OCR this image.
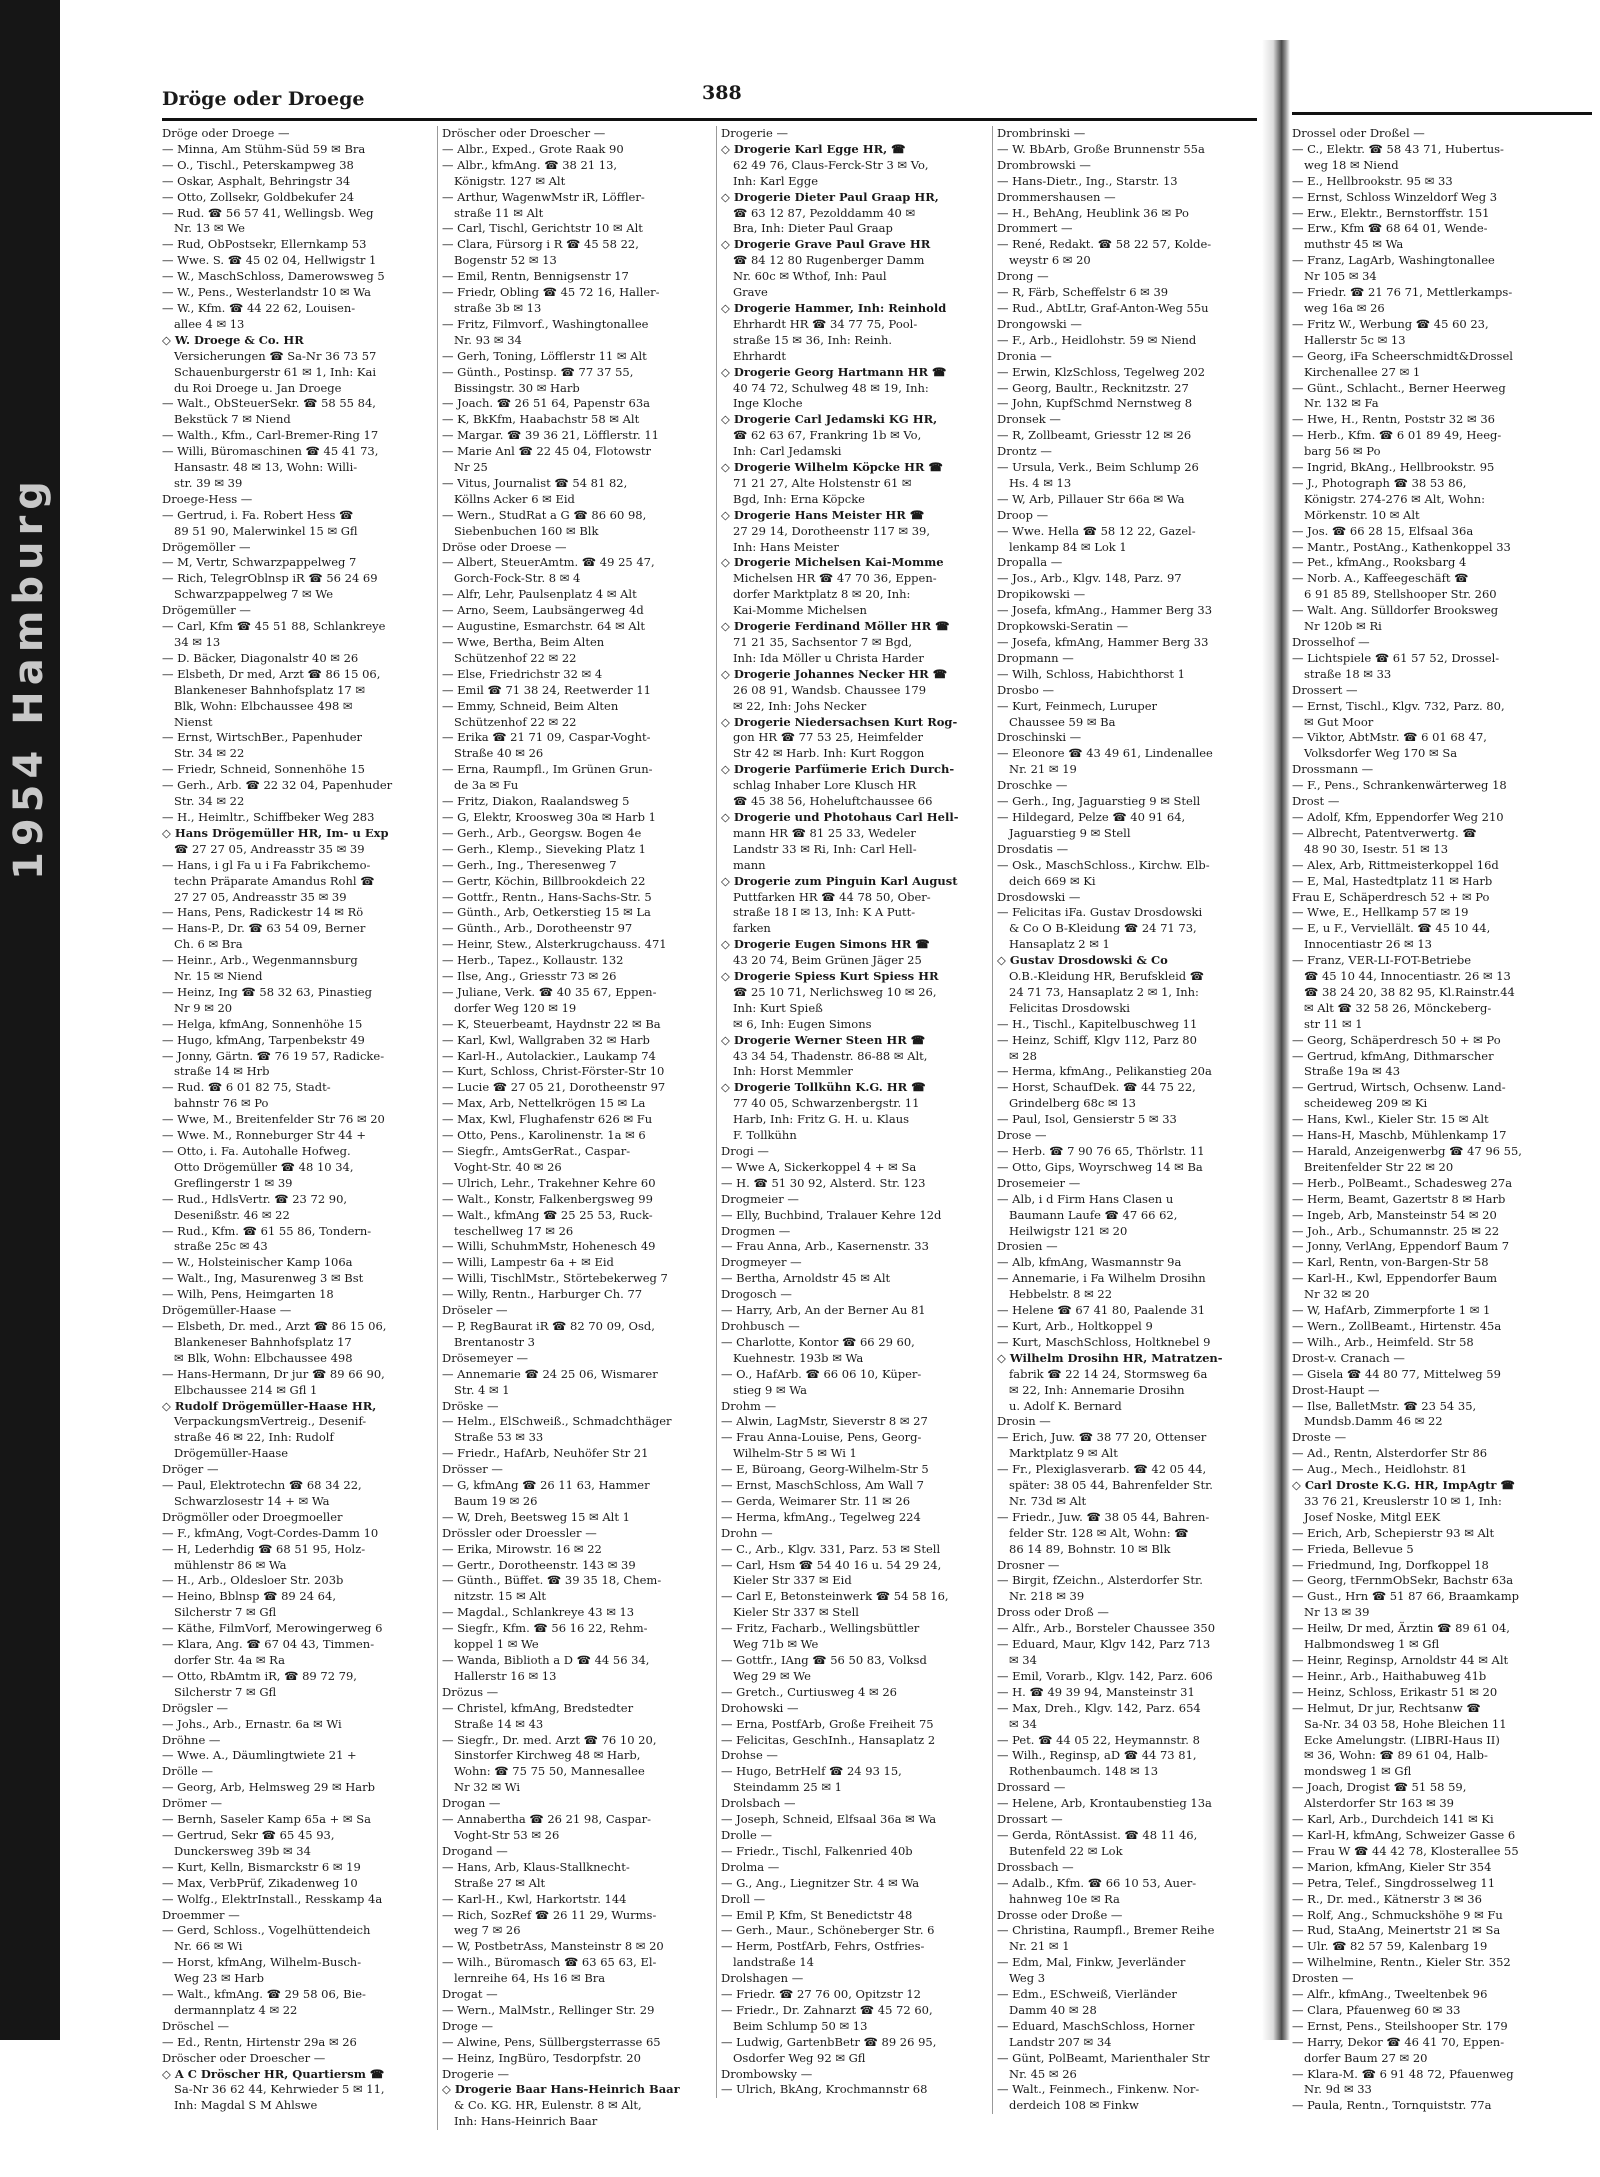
1954 Hamburg
Dröge oder Droege	388
Dröge oder Droege —
— Minna, Am Stühm-Süd 59 ✉ Bra
— O., Tischl., Peterskampweg 38
— Oskar, Asphalt, Behringstr 34
— Otto, Zollsekr, Goldbekufer 24
— Rud. ☎ 56 57 41, Wellingsb. Weg
Nr. 13 ✉ We
— Rud, ObPostsekr, Ellernkamp 53
— Wwe. S. ☎ 45 02 04, Hellwigstr 1
— W., MaschSchloss, Damerowsweg 5
— W., Pens., Westerlandstr 10 ✉ Wa
— W., Kfm. ☎ 44 22 62, Louisen-
allee 4 ✉ 13
◇ W. Droege & Co. HR
Versicherungen ☎ Sa-Nr 36 73 57
Schauenburgerstr 61 ✉ 1, Inh: Kai
du Roi Droege u. Jan Droege
— Walt., ObSteuerSekr. ☎ 58 55 84,
Bekstück 7 ✉ Niend
— Walth., Kfm., Carl-Bremer-Ring 17
— Willi, Büromaschinen ☎ 45 41 73,
Hansastr. 48 ✉ 13, Wohn: Willi-
str. 39 ✉ 39
Droege-Hess —
— Gertrud, i. Fa. Robert Hess ☎
89 51 90, Malerwinkel 15 ✉ Gfl
Drögemöller —
— M, Vertr, Schwarzpappelweg 7
— Rich, TelegrOblnsp iR ☎ 56 24 69
Schwarzpappelweg 7 ✉ We
Drögemüller —
— Carl, Kfm ☎ 45 51 88, Schlankreye
34 ✉ 13
— D. Bäcker, Diagonalstr 40 ✉ 26
— Elsbeth, Dr med, Arzt ☎ 86 15 06,
Blankeneser Bahnhofsplatz 17 ✉
Blk, Wohn: Elbchaussee 498 ✉
Nienst
— Ernst, WirtschBer., Papenhuder
Str. 34 ✉ 22
— Friedr, Schneid, Sonnenhöhe 15
— Gerh., Arb. ☎ 22 32 04, Papenhuder
Str. 34 ✉ 22
— H., Heimltr., Schiffbeker Weg 283
◇ Hans Drögemüller HR, Im- u Exp
☎ 27 27 05, Andreasstr 35 ✉ 39
— Hans, i gl Fa u i Fa Fabrikchemo-
techn Präparate Amandus Rohl ☎
27 27 05, Andreasstr 35 ✉ 39
— Hans, Pens, Radickestr 14 ✉ Rö
— Hans-P., Dr. ☎ 63 54 09, Berner
Ch. 6 ✉ Bra
— Heinr., Arb., Wegenmannsburg
Nr. 15 ✉ Niend
— Heinz, Ing ☎ 58 32 63, Pinastieg
Nr 9 ✉ 20
— Helga, kfmAng, Sonnenhöhe 15
— Hugo, kfmAng, Tarpenbekstr 49
— Jonny, Gärtn. ☎ 76 19 57, Radicke-
straße 14 ✉ Hrb
— Rud. ☎ 6 01 82 75, Stadt-
bahnstr 76 ✉ Po
— Wwe, M., Breitenfelder Str 76 ✉ 20
— Wwe. M., Ronneburger Str 44 +
— Otto, i. Fa. Autohalle Hofweg.
Otto Drögemüller ☎ 48 10 34,
Greflingerstr 1 ✉ 39
— Rud., HdlsVertr. ☎ 23 72 90,
Desenißstr. 46 ✉ 22
— Rud., Kfm. ☎ 61 55 86, Tondern-
straße 25c ✉ 43
— W., Holsteinischer Kamp 106a
— Walt., Ing, Masurenweg 3 ✉ Bst
— Wilh, Pens, Heimgarten 18
Drögemüller-Haase —
— Elsbeth, Dr. med., Arzt ☎ 86 15 06,
Blankeneser Bahnhofsplatz 17
✉ Blk, Wohn: Elbchaussee 498
— Hans-Hermann, Dr jur ☎ 89 66 90,
Elbchaussee 214 ✉ Gfl 1
◇ Rudolf Drögemüller-Haase HR,
VerpackungsmVertreig., Desenif-
straße 46 ✉ 22, Inh: Rudolf
Drögemüller-Haase
Dröger —
— Paul, Elektrotechn ☎ 68 34 22,
Schwarzlosestr 14 + ✉ Wa
Drögmöller oder Droegmoeller
— F., kfmAng, Vogt-Cordes-Damm 10
— H, Lederhdig ☎ 68 51 95, Holz-
mühlenstr 86 ✉ Wa
— H., Arb., Oldesloer Str. 203b
— Heino, Bblnsp ☎ 89 24 64,
Silcherstr 7 ✉ Gfl
— Käthe, FilmVorf, Merowingerweg 6
— Klara, Ang. ☎ 67 04 43, Timmen-
dorfer Str. 4a ✉ Ra
— Otto, RbAmtm iR, ☎ 89 72 79,
Silcherstr 7 ✉ Gfl
Drögsler —
— Johs., Arb., Ernastr. 6a ✉ Wi
Dröhne —
— Wwe. A., Däumlingtwiete 21 +
Drölle —
— Georg, Arb, Helmsweg 29 ✉ Harb
Drömer —
— Bernh, Saseler Kamp 65a + ✉ Sa
— Gertrud, Sekr ☎ 65 45 93,
Dunckersweg 39b ✉ 34
— Kurt, Kelln, Bismarckstr 6 ✉ 19
— Max, VerbPrüf, Zikadenweg 10
— Wolfg., ElektrInstall., Resskamp 4a
Droemmer —
— Gerd, Schloss., Vogelhüttendeich
Nr. 66 ✉ Wi
— Horst, kfmAng, Wilhelm-Busch-
Weg 23 ✉ Harb
— Walt., kfmAng. ☎ 29 58 06, Bie-
dermannplatz 4 ✉ 22
Dröschel —
— Ed., Rentn, Hirtenstr 29a ✉ 26
Dröscher oder Droescher —
◇ A C Dröscher HR, Quartiersm ☎
Sa-Nr 36 62 44, Kehrwieder 5 ✉ 11,
Inh: Magdal S M Ahlswe
Dröscher oder Droescher —
— Albr., Exped., Grote Raak 90
— Albr., kfmAng. ☎ 38 21 13,
Königstr. 127 ✉ Alt
— Arthur, WagenwMstr iR, Löffler-
straße 11 ✉ Alt
— Carl, Tischl, Gerichtstr 10 ✉ Alt
— Clara, Fürsorg i R ☎ 45 58 22,
Bogenstr 52 ✉ 13
— Emil, Rentn, Bennigsenstr 17
— Friedr, Obling ☎ 45 72 16, Haller-
straße 3b ✉ 13
— Fritz, Filmvorf., Washingtonallee
Nr. 93 ✉ 34
— Gerh, Toning, Löfflerstr 11 ✉ Alt
— Günth., Postinsp. ☎ 77 37 55,
Bissingstr. 30 ✉ Harb
— Joach. ☎ 26 51 64, Papenstr 63a
— K, BkKfm, Haabachstr 58 ✉ Alt
— Margar. ☎ 39 36 21, Löfflerstr. 11
— Marie Anl ☎ 22 45 04, Flotowstr
Nr 25
— Vitus, Journalist ☎ 54 81 82,
Köllns Acker 6 ✉ Eid
— Wern., StudRat a G ☎ 86 60 98,
Siebenbuchen 160 ✉ Blk
Dröse oder Droese —
— Albert, SteuerAmtm. ☎ 49 25 47,
Gorch-Fock-Str. 8 ✉ 4
— Alfr, Lehr, Paulsenplatz 4 ✉ Alt
— Arno, Seem, Laubsängerweg 4d
— Augustine, Esmarchstr. 64 ✉ Alt
— Wwe, Bertha, Beim Alten
Schützenhof 22 ✉ 22
— Else, Friedrichstr 32 ✉ 4
— Emil ☎ 71 38 24, Reetwerder 11
— Emmy, Schneid, Beim Alten
Schützenhof 22 ✉ 22
— Erika ☎ 21 71 09, Caspar-Voght-
Straße 40 ✉ 26
— Erna, Raumpfl., Im Grünen Grun-
de 3a ✉ Fu
— Fritz, Diakon, Raalandsweg 5
— G, Elektr, Kroosweg 30a ✉ Harb 1
— Gerh., Arb., Georgsw. Bogen 4e
— Gerh., Klemp., Sieveking Platz 1
— Gerh., Ing., Theresenweg 7
— Gertr, Köchin, Billbrookdeich 22
— Gottfr., Rentn., Hans-Sachs-Str. 5
— Günth., Arb, Oetkerstieg 15 ✉ La
— Günth., Arb., Dorotheenstr 97
— Heinr, Stew., Alsterkrugchauss. 471
— Herb., Tapez., Kollaustr. 132
— Ilse, Ang., Griesstr 73 ✉ 26
— Juliane, Verk. ☎ 40 35 67, Eppen-
dorfer Weg 120 ✉ 19
— K, Steuerbeamt, Haydnstr 22 ✉ Ba
— Karl, Kwl, Wallgraben 32 ✉ Harb
— Karl-H., Autolackier., Laukamp 74
— Kurt, Schloss, Christ-Förster-Str 10
— Lucie ☎ 27 05 21, Dorotheenstr 97
— Max, Arb, Nettelkrögen 15 ✉ La
— Max, Kwl, Flughafenstr 626 ✉ Fu
— Otto, Pens., Karolinenstr. 1a ✉ 6
— Siegfr., AmtsGerRat., Caspar-
Voght-Str. 40 ✉ 26
— Ulrich, Lehr., Trakehner Kehre 60
— Walt., Konstr, Falkenbergsweg 99
— Walt., kfmAng ☎ 25 25 53, Ruck-
teschellweg 17 ✉ 26
— Willi, SchuhmMstr, Hohenesch 49
— Willi, Lampestr 6a + ✉ Eid
— Willi, TischlMstr., Störtebekerweg 7
— Willy, Rentn., Harburger Ch. 77
Dröseler —
— P, RegBaurat iR ☎ 82 70 09, Osd,
Brentanostr 3
Drösemeyer —
— Annemarie ☎ 24 25 06, Wismarer
Str. 4 ✉ 1
Dröske —
— Helm., ElSchweiß., Schmadchthäger
Straße 53 ✉ 33
— Friedr., HafArb, Neuhöfer Str 21
Drösser —
— G, kfmAng ☎ 26 11 63, Hammer
Baum 19 ✉ 26
— W, Dreh, Beetsweg 15 ✉ Alt 1
Drössler oder Droessler —
— Erika, Mirowstr. 16 ✉ 22
— Gertr., Dorotheenstr. 143 ✉ 39
— Günth., Büffet. ☎ 39 35 18, Chem-
nitzstr. 15 ✉ Alt
— Magdal., Schlankreye 43 ✉ 13
— Siegfr., Kfm. ☎ 56 16 22, Rehm-
koppel 1 ✉ We
— Wanda, Biblioth a D ☎ 44 56 34,
Hallerstr 16 ✉ 13
Drözus —
— Christel, kfmAng, Bredstedter
Straße 14 ✉ 43
— Siegfr., Dr. med. Arzt ☎ 76 10 20,
Sinstorfer Kirchweg 48 ✉ Harb,
Wohn: ☎ 75 75 50, Mannesallee
Nr 32 ✉ Wi
Drogan —
— Annabertha ☎ 26 21 98, Caspar-
Voght-Str 53 ✉ 26
Drogand —
— Hans, Arb, Klaus-Stallknecht-
Straße 27 ✉ Alt
— Karl-H., Kwl, Harkortstr. 144
— Rich, SozRef ☎ 26 11 29, Wurms-
weg 7 ✉ 26
— W, PostbetrAss, Mansteinstr 8 ✉ 20
— Wilh., Büromasch ☎ 63 65 63, El-
lernreihe 64, Hs 16 ✉ Bra
Drogat —
— Wern., MalMstr., Rellinger Str. 29
Droge —
— Alwine, Pens, Süllbergsterrasse 65
— Heinz, IngBüro, Tesdorpfstr. 20
Drogerie —
◇ Drogerie Baar Hans-Heinrich Baar
& Co. KG. HR, Eulenstr. 8 ✉ Alt,
Inh: Hans-Heinrich Baar
Drogerie —
◇ Drogerie Karl Egge HR, ☎
62 49 76, Claus-Ferck-Str 3 ✉ Vo,
Inh: Karl Egge
◇ Drogerie Dieter Paul Graap HR,
☎ 63 12 87, Pezolddamm 40 ✉
Bra, Inh: Dieter Paul Graap
◇ Drogerie Grave Paul Grave HR
☎ 84 12 80 Rugenberger Damm
Nr. 60c ✉ Wthof, Inh: Paul
Grave
◇ Drogerie Hammer, Inh: Reinhold
Ehrhardt HR ☎ 34 77 75, Pool-
straße 15 ✉ 36, Inh: Reinh.
Ehrhardt
◇ Drogerie Georg Hartmann HR ☎
40 74 72, Schulweg 48 ✉ 19, Inh:
Inge Kloche
◇ Drogerie Carl Jedamski KG HR,
☎ 62 63 67, Frankring 1b ✉ Vo,
Inh: Carl Jedamski
◇ Drogerie Wilhelm Köpcke HR ☎
71 21 27, Alte Holstenstr 61 ✉
Bgd, Inh: Erna Köpcke
◇ Drogerie Hans Meister HR ☎
27 29 14, Dorotheenstr 117 ✉ 39,
Inh: Hans Meister
◇ Drogerie Michelsen Kai-Momme
Michelsen HR ☎ 47 70 36, Eppen-
dorfer Marktplatz 8 ✉ 20, Inh:
Kai-Momme Michelsen
◇ Drogerie Ferdinand Möller HR ☎
71 21 35, Sachsentor 7 ✉ Bgd,
Inh: Ida Möller u Christa Harder
◇ Drogerie Johannes Necker HR ☎
26 08 91, Wandsb. Chaussee 179
✉ 22, Inh: Johs Necker
◇ Drogerie Niedersachsen Kurt Rog-
gon HR ☎ 77 53 25, Heimfelder
Str 42 ✉ Harb. Inh: Kurt Roggon
◇ Drogerie Parfümerie Erich Durch-
schlag Inhaber Lore Klusch HR
☎ 45 38 56, Hoheluftchaussee 66
◇ Drogerie und Photohaus Carl Hell-
mann HR ☎ 81 25 33, Wedeler
Landstr 33 ✉ Ri, Inh: Carl Hell-
mann
◇ Drogerie zum Pinguin Karl August
Puttfarken HR ☎ 44 78 50, Ober-
straße 18 I ✉ 13, Inh: K A Putt-
farken
◇ Drogerie Eugen Simons HR ☎
43 20 74, Beim Grünen Jäger 25
◇ Drogerie Spiess Kurt Spiess HR
☎ 25 10 71, Nerlichsweg 10 ✉ 26,
Inh: Kurt Spieß
✉ 6, Inh: Eugen Simons
◇ Drogerie Werner Steen HR ☎
43 34 54, Thadenstr. 86-88 ✉ Alt,
Inh: Horst Memmler
◇ Drogerie Tollkühn K.G. HR ☎
77 40 05, Schwarzenbergstr. 11
Harb, Inh: Fritz G. H. u. Klaus
F. Tollkühn
Drogi —
— Wwe A, Sickerkoppel 4 + ✉ Sa
— H. ☎ 51 30 92, Alsterd. Str. 123
Drogmeier —
— Elly, Buchbind, Tralauer Kehre 12d
Drogmen —
— Frau Anna, Arb., Kasernenstr. 33
Drogmeyer —
— Bertha, Arnoldstr 45 ✉ Alt
Drogosch —
— Harry, Arb, An der Berner Au 81
Drohbusch —
— Charlotte, Kontor ☎ 66 29 60,
Kuehnestr. 193b ✉ Wa
— O., HafArb. ☎ 66 06 10, Küper-
stieg 9 ✉ Wa
Drohm —
— Alwin, LagMstr, Sieverstr 8 ✉ 27
— Frau Anna-Louise, Pens, Georg-
Wilhelm-Str 5 ✉ Wi 1
— E, Büroang, Georg-Wilhelm-Str 5
— Ernst, MaschSchloss, Am Wall 7
— Gerda, Weimarer Str. 11 ✉ 26
— Herma, kfmAng., Tegelweg 224
Drohn —
— C., Arb., Klgv. 331, Parz. 53 ✉ Stell
— Carl, Hsm ☎ 54 40 16 u. 54 29 24,
Kieler Str 337 ✉ Eid
— Carl E, Betonsteinwerk ☎ 54 58 16,
Kieler Str 337 ✉ Stell
— Fritz, Facharb., Wellingsbüttler
Weg 71b ✉ We
— Gottfr., IAng ☎ 56 50 83, Volksd
Weg 29 ✉ We
— Gretch., Curtiusweg 4 ✉ 26
Drohowski —
— Erna, PostfArb, Große Freiheit 75
— Felicitas, GeschInh., Hansaplatz 2
Drohse —
— Hugo, BetrHelf ☎ 24 93 15,
Steindamm 25 ✉ 1
Drolsbach —
— Joseph, Schneid, Elfsaal 36a ✉ Wa
Drolle —
— Friedr., Tischl, Falkenried 40b
Drolma —
— G., Ang., Liegnitzer Str. 4 ✉ Wa
Droll —
— Emil P, Kfm, St Benedictstr 48
— Gerh., Maur., Schöneberger Str. 6
— Herm, PostfArb, Fehrs, Ostfries-
landstraße 14
Drolshagen —
— Friedr. ☎ 27 76 00, Opitzstr 12
— Friedr., Dr. Zahnarzt ☎ 45 72 60,
Beim Schlump 50 ✉ 13
— Ludwig, GartenbBetr ☎ 89 26 95,
Osdorfer Weg 92 ✉ Gfl
Drombowsky —
— Ulrich, BkAng, Krochmannstr 68
Drombrinski —
— W. BbArb, Große Brunnenstr 55a
Drombrowski —
— Hans-Dietr., Ing., Starstr. 13
Drommershausen —
— H., BehAng, Heublink 36 ✉ Po
Drommert —
— René, Redakt. ☎ 58 22 57, Kolde-
weystr 6 ✉ 20
Drong —
— R, Färb, Scheffelstr 6 ✉ 39
— Rud., AbtLtr, Graf-Anton-Weg 55u
Drongowski —
— F., Arb., Heidlohstr. 59 ✉ Niend
Dronia —
— Erwin, KlzSchloss, Tegelweg 202
— Georg, Baultr., Recknitzstr. 27
— John, KupfSchmd Nernstweg 8
Dronsek —
— R, Zollbeamt, Griesstr 12 ✉ 26
Drontz —
— Ursula, Verk., Beim Schlump 26
Hs. 4 ✉ 13
— W, Arb, Pillauer Str 66a ✉ Wa
Droop —
— Wwe. Hella ☎ 58 12 22, Gazel-
lenkamp 84 ✉ Lok 1
Dropalla —
— Jos., Arb., Klgv. 148, Parz. 97
Dropikowski —
— Josefa, kfmAng., Hammer Berg 33
Dropkowski-Seratin —
— Josefa, kfmAng, Hammer Berg 33
Dropmann —
— Wilh, Schloss, Habichthorst 1
Drosbo —
— Kurt, Feinmech, Luruper
Chaussee 59 ✉ Ba
Droschinski —
— Eleonore ☎ 43 49 61, Lindenallee
Nr. 21 ✉ 19
Droschke —
— Gerh., Ing, Jaguarstieg 9 ✉ Stell
— Hildegard, Pelze ☎ 40 91 64,
Jaguarstieg 9 ✉ Stell
Drosdatis —
— Osk., MaschSchloss., Kirchw. Elb-
deich 669 ✉ Ki
Drosdowski —
— Felicitas iFa. Gustav Drosdowski
& Co O B-Kleidung ☎ 24 71 73,
Hansaplatz 2 ✉ 1
◇ Gustav Drosdowski & Co
O.B.-Kleidung HR, Berufskleid ☎
24 71 73, Hansaplatz 2 ✉ 1, Inh:
Felicitas Drosdowski
— H., Tischl., Kapitelbuschweg 11
— Heinz, Schiff, Klgv 112, Parz 80
✉ 28
— Herma, kfmAng., Pelikanstieg 20a
— Horst, SchaufDek. ☎ 44 75 22,
Grindelberg 68c ✉ 13
— Paul, Isol, Gensierstr 5 ✉ 33
Drose —
— Herb. ☎ 7 90 76 65, Thörlstr. 11
— Otto, Gips, Woyrschweg 14 ✉ Ba
Drosemeier —
— Alb, i d Firm Hans Clasen u
Baumann Laufe ☎ 47 66 62,
Heilwigstr 121 ✉ 20
Drosien —
— Alb, kfmAng, Wasmannstr 9a
— Annemarie, i Fa Wilhelm Drosihn
Hebbelstr. 8 ✉ 22
— Helene ☎ 67 41 80, Paalende 31
— Kurt, Arb., Holtkoppel 9
— Kurt, MaschSchloss, Holtknebel 9
◇ Wilhelm Drosihn HR, Matratzen-
fabrik ☎ 22 14 24, Stormsweg 6a
✉ 22, Inh: Annemarie Drosihn
u. Adolf K. Bernard
Drosin —
— Erich, Juw. ☎ 38 77 20, Ottenser
Marktplatz 9 ✉ Alt
— Fr., Plexiglasverarb. ☎ 42 05 44,
später: 38 05 44, Bahrenfelder Str.
Nr. 73d ✉ Alt
— Friedr., Juw. ☎ 38 05 44, Bahren-
felder Str. 128 ✉ Alt, Wohn: ☎
86 14 89, Bohnstr. 10 ✉ Blk
Drosner —
— Birgit, fZeichn., Alsterdorfer Str.
Nr. 218 ✉ 39
Dross oder Droß —
— Alfr., Arb., Borsteler Chaussee 350
— Eduard, Maur, Klgv 142, Parz 713
✉ 34
— Emil, Vorarb., Klgv. 142, Parz. 606
— H. ☎ 49 39 94, Mansteinstr 31
— Max, Dreh., Klgv. 142, Parz. 654
✉ 34
— Pet. ☎ 44 05 22, Heymannstr. 8
— Wilh., Reginsp, aD ☎ 44 73 81,
Rothenbaumch. 148 ✉ 13
Drossard —
— Helene, Arb, Krontaubenstieg 13a
Drossart —
— Gerda, RöntAssist. ☎ 48 11 46,
Butenfeld 22 ✉ Lok
Drossbach —
— Adalb., Kfm. ☎ 66 10 53, Auer-
hahnweg 10e ✉ Ra
Drosse oder Droße —
— Christina, Raumpfl., Bremer Reihe
Nr. 21 ✉ 1
— Edm, Mal, Finkw, Jeverländer
Weg 3
— Edm., ESchweiß, Vierländer
Damm 40 ✉ 28
— Eduard, MaschSchloss, Horner
Landstr 207 ✉ 34
— Günt, PolBeamt, Marienthaler Str
Nr. 45 ✉ 26
— Walt., Feinmech., Finkenw. Nor-
derdeich 108 ✉ Finkw
Drossel oder Droßel —
— C., Elektr. ☎ 58 43 71, Hubertus-
weg 18 ✉ Niend
— E., Hellbrookstr. 95 ✉ 33
— Ernst, Schloss Winzeldorf Weg 3
— Erw., Elektr., Bernstorffstr. 151
— Erw., Kfm ☎ 68 64 01, Wende-
muthstr 45 ✉ Wa
— Franz, LagArb, Washingtonallee
Nr 105 ✉ 34
— Friedr. ☎ 21 76 71, Mettlerkamps-
weg 16a ✉ 26
— Fritz W., Werbung ☎ 45 60 23,
Hallerstr 5c ✉ 13
— Georg, iFa Scheerschmidt&Drossel
Kirchenallee 27 ✉ 1
— Günt., Schlacht., Berner Heerweg
Nr. 132 ✉ Fa
— Hwe, H., Rentn, Poststr 32 ✉ 36
— Herb., Kfm. ☎ 6 01 89 49, Heeg-
barg 56 ✉ Po
— Ingrid, BkAng., Hellbrookstr. 95
— J., Photograph ☎ 38 53 86,
Königstr. 274-276 ✉ Alt, Wohn:
Mörkenstr. 10 ✉ Alt
— Jos. ☎ 66 28 15, Elfsaal 36a
— Mantr., PostAng., Kathenkoppel 33
— Pet., kfmAng., Rooksbarg 4
— Norb. A., Kaffeegeschäft ☎
6 91 85 89, Stellshooper Str. 260
— Walt. Ang. Sülldorfer Brooksweg
Nr 120b ✉ Ri
Drosselhof —
— Lichtspiele ☎ 61 57 52, Drossel-
straße 18 ✉ 33
Drossert —
— Ernst, Tischl., Klgv. 732, Parz. 80,
✉ Gut Moor
— Viktor, AbtMstr. ☎ 6 01 68 47,
Volksdorfer Weg 170 ✉ Sa
Drossmann —
— F., Pens., Schrankenwärterweg 18
Drost —
— Adolf, Kfm, Eppendorfer Weg 210
— Albrecht, Patentverwertg. ☎
48 90 30, Isestr. 51 ✉ 13
— Alex, Arb, Rittmeisterkoppel 16d
— E, Mal, Hastedtplatz 11 ✉ Harb
Frau E, Schäperdresch 52 + ✉ Po
— Wwe, E., Hellkamp 57 ✉ 19
— E, u F., Verviellält. ☎ 45 10 44,
Innocentiastr 26 ✉ 13
— Franz, VER-LI-FOT-Betriebe
☎ 45 10 44, Innocentiastr. 26 ✉ 13
☎ 38 24 20, 38 82 95, Kl.Rainstr.44
✉ Alt ☎ 32 58 26, Mönckeberg-
str 11 ✉ 1
— Georg, Schäperdresch 50 + ✉ Po
— Gertrud, kfmAng, Dithmarscher
Straße 19a ✉ 43
— Gertrud, Wirtsch, Ochsenw. Land-
scheideweg 209 ✉ Ki
— Hans, Kwl., Kieler Str. 15 ✉ Alt
— Hans-H, Maschb, Mühlenkamp 17
— Harald, Anzeigenwerbg ☎ 47 96 55,
Breitenfelder Str 22 ✉ 20
— Herb., PolBeamt., Schadesweg 27a
— Herm, Beamt, Gazertstr 8 ✉ Harb
— Ingeb, Arb, Mansteinstr 54 ✉ 20
— Joh., Arb., Schumannstr. 25 ✉ 22
— Jonny, VerlAng, Eppendorf Baum 7
— Karl, Rentn, von-Bargen-Str 58
— Karl-H., Kwl, Eppendorfer Baum
Nr 32 ✉ 20
— W, HafArb, Zimmerpforte 1 ✉ 1
— Wern., ZollBeamt., Hirtenstr. 45a
— Wilh., Arb., Heimfeld. Str 58
Drost-v. Cranach —
— Gisela ☎ 44 80 77, Mittelweg 59
Drost-Haupt —
— Ilse, BalletMstr. ☎ 23 54 35,
Mundsb.Damm 46 ✉ 22
Droste —
— Ad., Rentn, Alsterdorfer Str 86
— Aug., Mech., Heidlohstr. 81
◇ Carl Droste K.G. HR, ImpAgtr ☎
33 76 21, Kreuslerstr 10 ✉ 1, Inh:
Josef Noske, Mitgl EEK
— Erich, Arb, Schepierstr 93 ✉ Alt
— Frieda, Bellevue 5
— Friedmund, Ing, Dorfkoppel 18
— Georg, tFernmObSekr, Bachstr 63a
— Gust., Hrn ☎ 51 87 66, Braamkamp
Nr 13 ✉ 39
— Heilw, Dr med, Ärztin ☎ 89 61 04,
Halbmondsweg 1 ✉ Gfl
— Heinr, Reginsp, Arnoldstr 44 ✉ Alt
— Heinr., Arb., Haithabuweg 41b
— Heinz, Schloss, Erikastr 51 ✉ 20
— Helmut, Dr jur, Rechtsanw ☎
Sa-Nr. 34 03 58, Hohe Bleichen 11
Ecke Amelungstr. (LIBRI-Haus II)
✉ 36, Wohn: ☎ 89 61 04, Halb-
mondsweg 1 ✉ Gfl
— Joach, Drogist ☎ 51 58 59,
Alsterdorfer Str 163 ✉ 39
— Karl, Arb., Durchdeich 141 ✉ Ki
— Karl-H, kfmAng, Schweizer Gasse 6
— Frau W ☎ 44 42 78, Klosterallee 55
— Marion, kfmAng, Kieler Str 354
— Petra, Telef., Singdrosselweg 11
— R., Dr. med., Kätnerstr 3 ✉ 36
— Rolf, Ang., Schmuckshöhe 9 ✉ Fu
— Rud, StaAng, Meinertstr 21 ✉ Sa
— Ulr. ☎ 82 57 59, Kalenbarg 19
— Wilhelmine, Rentn., Kieler Str. 352
Drosten —
— Alfr., kfmAng., Tweeltenbek 96
— Clara, Pfauenweg 60 ✉ 33
— Ernst, Pens., Steilshooper Str. 179
— Harry, Dekor ☎ 46 41 70, Eppen-
dorfer Baum 27 ✉ 20
— Klara-M. ☎ 6 91 48 72, Pfauenweg
Nr. 9d ✉ 33
— Paula, Rentn., Tornquiststr. 77a
